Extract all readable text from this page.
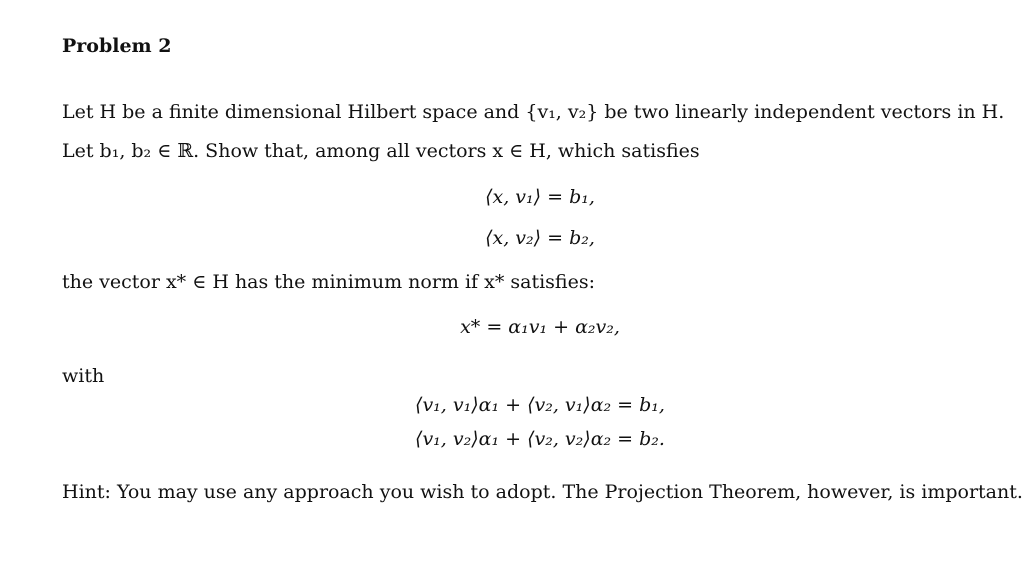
Problem 2
Let H be a finite dimensional Hilbert space and {v₁, v₂} be two linearly independent vectors in H.
Let b₁, b₂ ∈ ℝ. Show that, among all vectors x ∈ H, which satisfies
⟨x, v₁⟩ = b₁,
⟨x, v₂⟩ = b₂,
the vector x* ∈ H has the minimum norm if x* satisfies:
x* = α₁v₁ + α₂v₂,
with
⟨v₁, v₁⟩α₁ + ⟨v₂, v₁⟩α₂ = b₁,
⟨v₁, v₂⟩α₁ + ⟨v₂, v₂⟩α₂ = b₂.
Hint: You may use any approach you wish to adopt. The Projection Theorem, however, is important.
